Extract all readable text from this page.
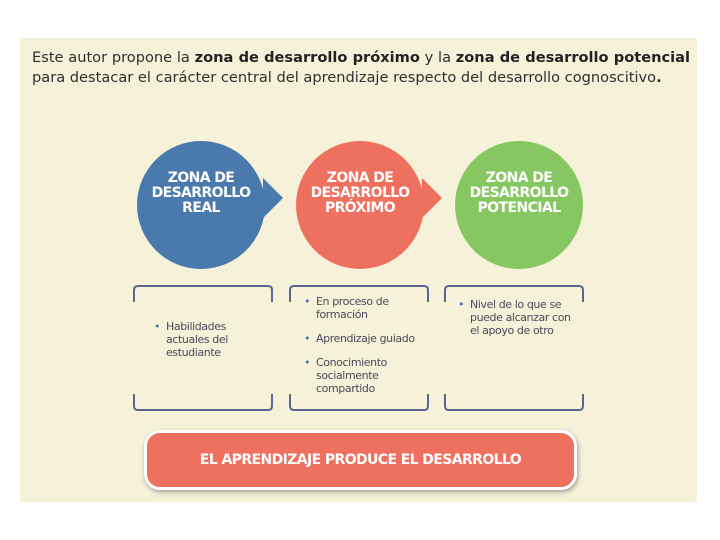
Este autor propone la zona de desarrollo próximo y la zona de desarrollo potencial para destacar el carácter central del aprendizaje respecto del desarrollo cognoscitivo.

ZONA DE
DESARROLLO
REAL
ZONA DE
DESARROLLO
PRÓXIMO
ZONA DE
DESARROLLO
POTENCIAL
• Habilidades actuales del estudiante
• En proceso de formación
• Aprendizaje guiado
• Conocimiento socialmente compartido
• Nivel de lo que se puede alcanzar con el apoyo de otro
EL APRENDIZAJE PRODUCE EL DESARROLLO
